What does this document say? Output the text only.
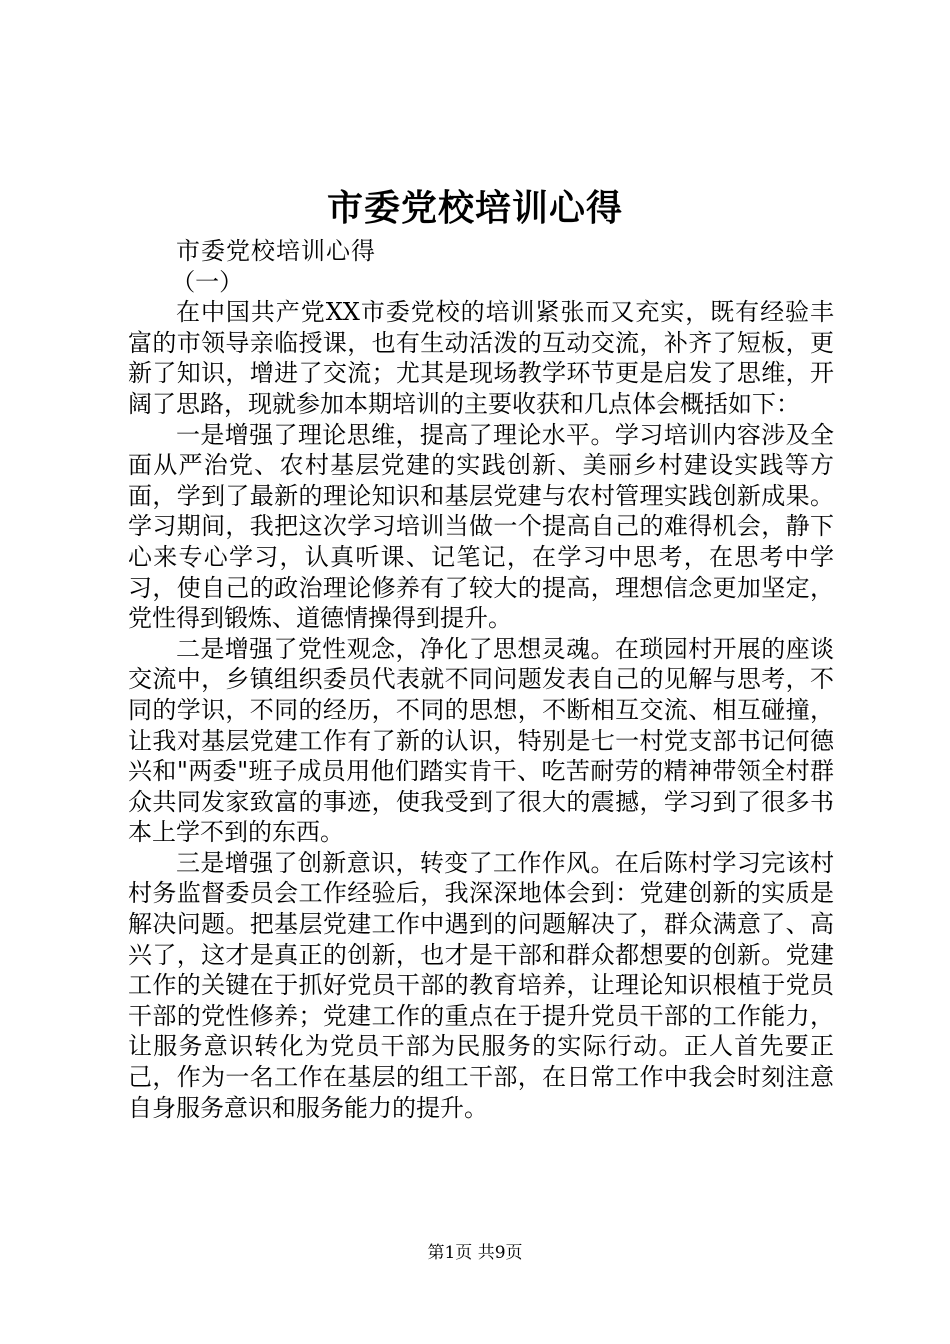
市委党校培训心得

市委党校培训心得

（一）

在中国共产党XX市委党校的培训紧张而又充实，既有经验丰富的市领导亲临授课，也有生动活泼的互动交流，补齐了短板，更新了知识，增进了交流；尤其是现场教学环节更是启发了思维，开阔了思路，现就参加本期培训的主要收获和几点体会概括如下：

一是增强了理论思维，提高了理论水平。学习培训内容涉及全面从严治党、农村基层党建的实践创新、美丽乡村建设实践等方面，学到了最新的理论知识和基层党建与农村管理实践创新成果。学习期间，我把这次学习培训当做一个提高自己的难得机会，静下心来专心学习，认真听课、记笔记，在学习中思考，在思考中学习，使自己的政治理论修养有了较大的提高，理想信念更加坚定，党性得到锻炼、道德情操得到提升。

二是增强了党性观念，净化了思想灵魂。在琐园村开展的座谈交流中，乡镇组织委员代表就不同问题发表自己的见解与思考，不同的学识，不同的经历，不同的思想，不断相互交流、相互碰撞，让我对基层党建工作有了新的认识，特别是七一村党支部书记何德兴和"两委"班子成员用他们踏实肯干、吃苦耐劳的精神带领全村群众共同发家致富的事迹，使我受到了很大的震撼，学习到了很多书本上学不到的东西。

三是增强了创新意识，转变了工作作风。在后陈村学习完该村村务监督委员会工作经验后，我深深地体会到：党建创新的实质是解决问题。把基层党建工作中遇到的问题解决了，群众满意了、高兴了，这才是真正的创新，也才是干部和群众都想要的创新。党建工作的关键在于抓好党员干部的教育培养，让理论知识根植于党员干部的党性修养；党建工作的重点在于提升党员干部的工作能力，让服务意识转化为党员干部为民服务的实际行动。正人首先要正己，作为一名工作在基层的组工干部，在日常工作中我会时刻注意自身服务意识和服务能力的提升。

第1页 共9页
